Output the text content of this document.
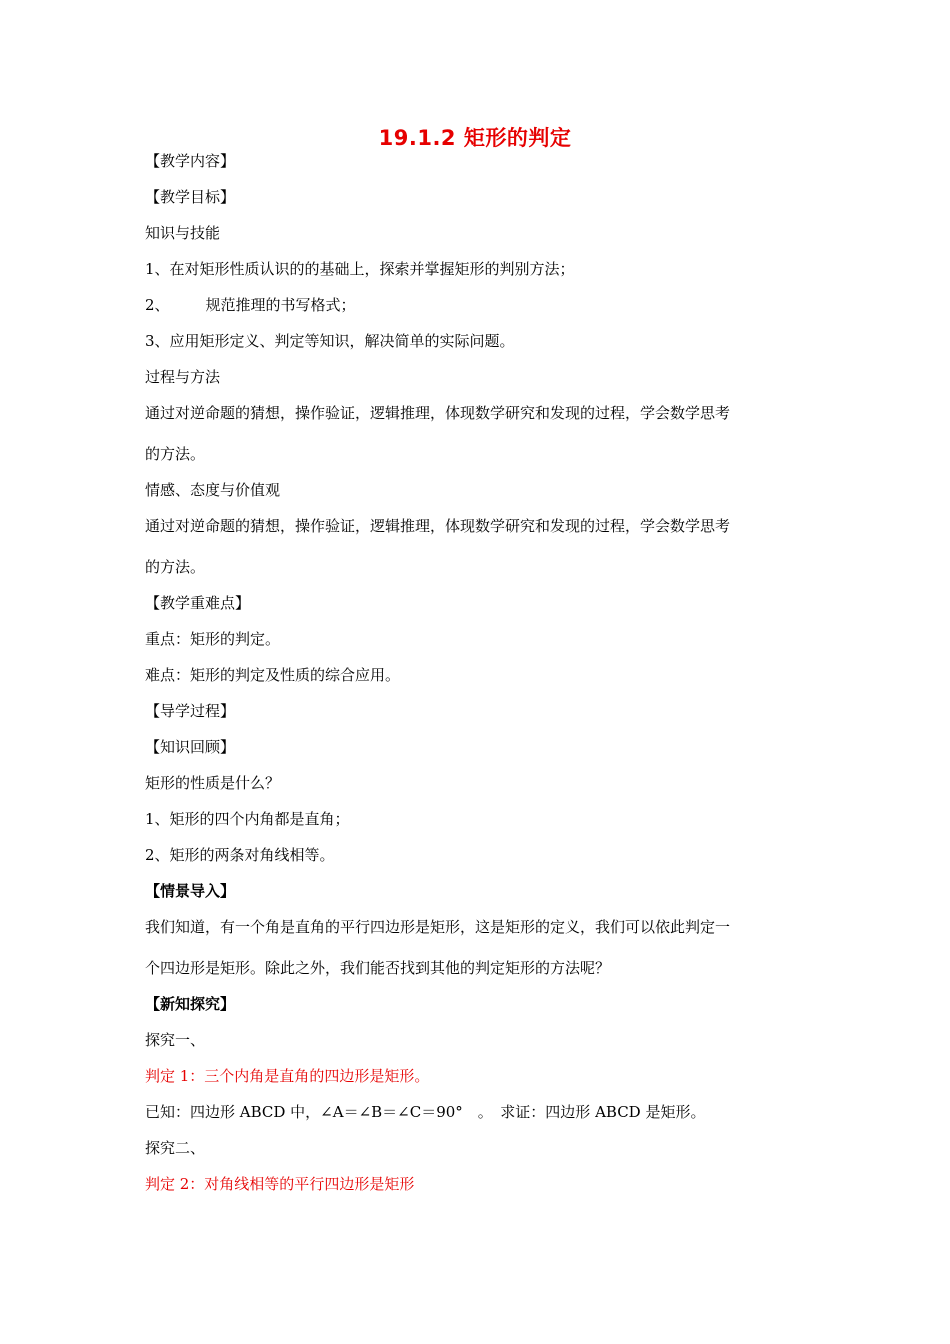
19.1.2 矩形的判定
【教学内容】
【教学目标】
知识与技能
1、在对矩形性质认识的的基础上，探索并掌握矩形的判别方法；
2、 规范推理的书写格式；
3、应用矩形定义、判定等知识，解决简单的实际问题。
过程与方法
通过对逆命题的猜想，操作验证，逻辑推理，体现数学研究和发现的过程，学会数学思考
的方法。
情感、态度与价值观
通过对逆命题的猜想，操作验证，逻辑推理，体现数学研究和发现的过程，学会数学思考
的方法。
【教学重难点】
重点：矩形的判定。
难点：矩形的判定及性质的综合应用。
【导学过程】
【知识回顾】
矩形的性质是什么？
1、矩形的四个内角都是直角；
2、矩形的两条对角线相等。
【情景导入】
我们知道，有一个角是直角的平行四边形是矩形，这是矩形的定义，我们可以依此判定一
个四边形是矩形。除此之外，我们能否找到其他的判定矩形的方法呢？
【新知探究】
探究一、
判定 1：三个内角是直角的四边形是矩形。
已知：四边形 ABCD 中，∠A＝∠B＝∠C＝90°　。　求证：四边形 ABCD 是矩形。
探究二、
判定 2：对角线相等的平行四边形是矩形
